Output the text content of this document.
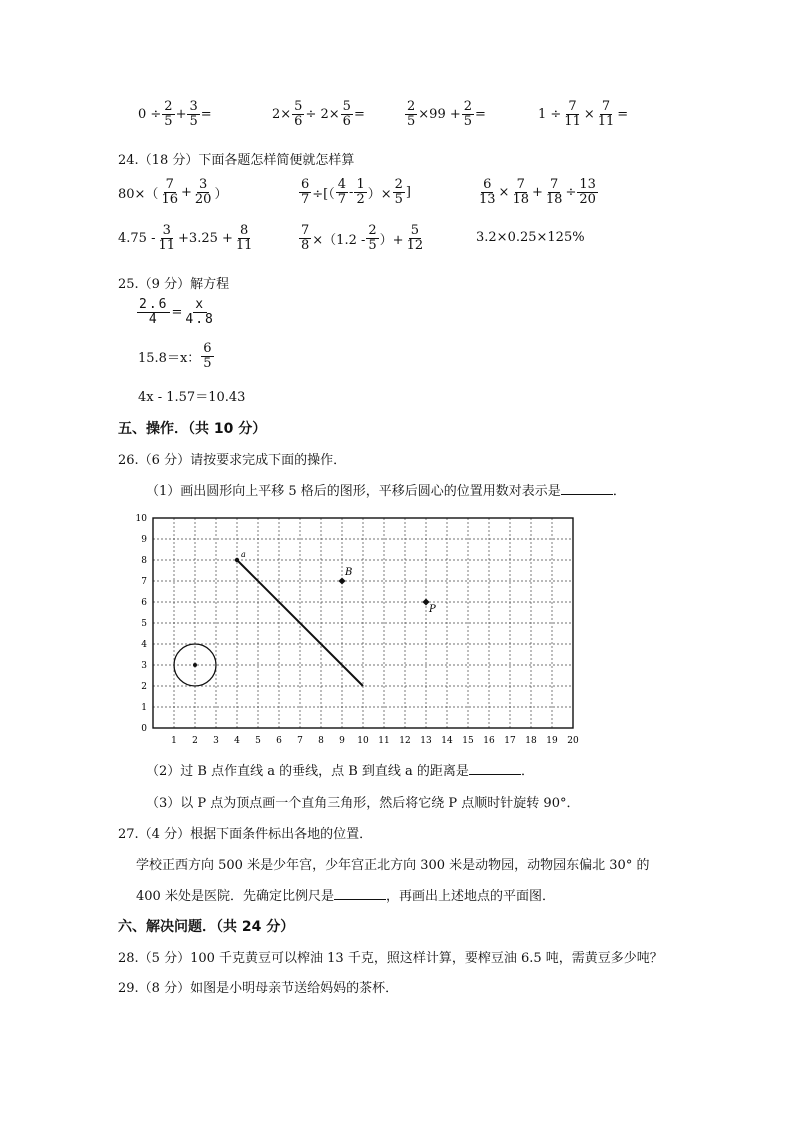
$0 \div \frac{2}{5} + \frac{3}{5}$ =	$2\times \frac{5}{6} \div 2\times \frac{5}{6}$ =	$\frac{2}{5} \times 99 + \frac{2}{5}$ =	$1 \div \frac{7}{11} \times \frac{7}{11}$ =
24.（18 分）下面各题怎样简便就怎样算
$80\times( \frac{7}{16} + \frac{3}{20}$ ）	$\frac{6}{7}$ ÷[（ $\frac{4}{7} - \frac{1}{2}$ ）× $\frac{2}{5}$ ]	$\frac{6}{13} \times \frac{7}{18} + \frac{7}{18} \div \frac{13}{20}$
$4.75 - \frac{3}{11} +3.25 + \frac{8}{11}$	$\frac{7}{8} \times(1.2 - \frac{2}{5}$ ）+ $\frac{5}{12}$	3.2×0.25×125%
25.（9 分）解方程
$\frac{2.6}{4} = \frac{x}{4.8}$
15.8＝x： $\frac{6}{5}$
4x - 1.57＝10.43
五、操作．（共 10 分）
26.（6 分）请按要求完成下面的操作．
（1）画出圆形向上平移 5 格后的图形，平移后圆心的位置用数对表示是	．
1 2 3 4 5 6 7 8 9 10 11 12 13 14 15 16 17 18 19 20
0
1
2
3
4
5
6
7
8
9
10
a
B
P
（2）过 B 点作直线 a 的垂线，点 B 到直线 a 的距离是	．
（3）以 P 点为顶点画一个直角三角形，然后将它绕 P 点顺时针旋转 90°．
27.（4 分）根据下面条件标出各地的位置．
学校正西方向 500 米是少年宫，少年宫正北方向 300 米是动物园，动物园东偏北 30° 的
400 米处是医院．先确定比例尺是	，再画出上述地点的平面图．
六、解决问题．（共 24 分）
28.（5 分）100 千克黄豆可以榨油 13 千克，照这样计算，要榨豆油 6.5 吨，需黄豆多少吨？
29.（8 分）如图是小明母亲节送给妈妈的茶杯．
